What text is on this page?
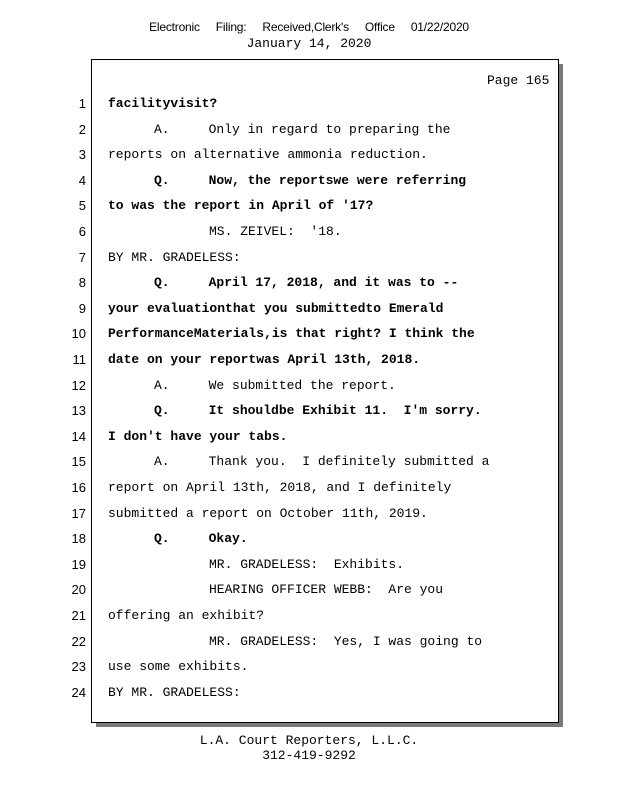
Electronic Filing: Received,Clerk's Office 01/22/2020
January 14, 2020
Page 165
1 facilityvisit?
2	A.     Only in regard to preparing the
3 reports on alternative ammonia reduction.
4	Q.     Now, the reportswe were referring
5 to was the report in April of '17?
6	MS. ZEIVEL:  '18.
7 BY MR. GRADELESS:
8	Q.     April 17, 2018, and it was to --
9 your evaluationthat you submittedto Emerald
10 PerformanceMaterials,is that right? I think the
11 date on your reportwas April 13th, 2018.
12	A.     We submitted the report.
13	Q.     It shouldbe Exhibit 11.  I'm sorry.
14 I don't have your tabs.
15	A.     Thank you.  I definitely submitted a
16 report on April 13th, 2018, and I definitely
17 submitted a report on October 11th, 2019.
18	Q.     Okay.
19	MR. GRADELESS:  Exhibits.
20	HEARING OFFICER WEBB:  Are you
21 offering an exhibit?
22	MR. GRADELESS:  Yes, I was going to
23 use some exhibits.
24 BY MR. GRADELESS:
L.A. Court Reporters, L.L.C.
312-419-9292
